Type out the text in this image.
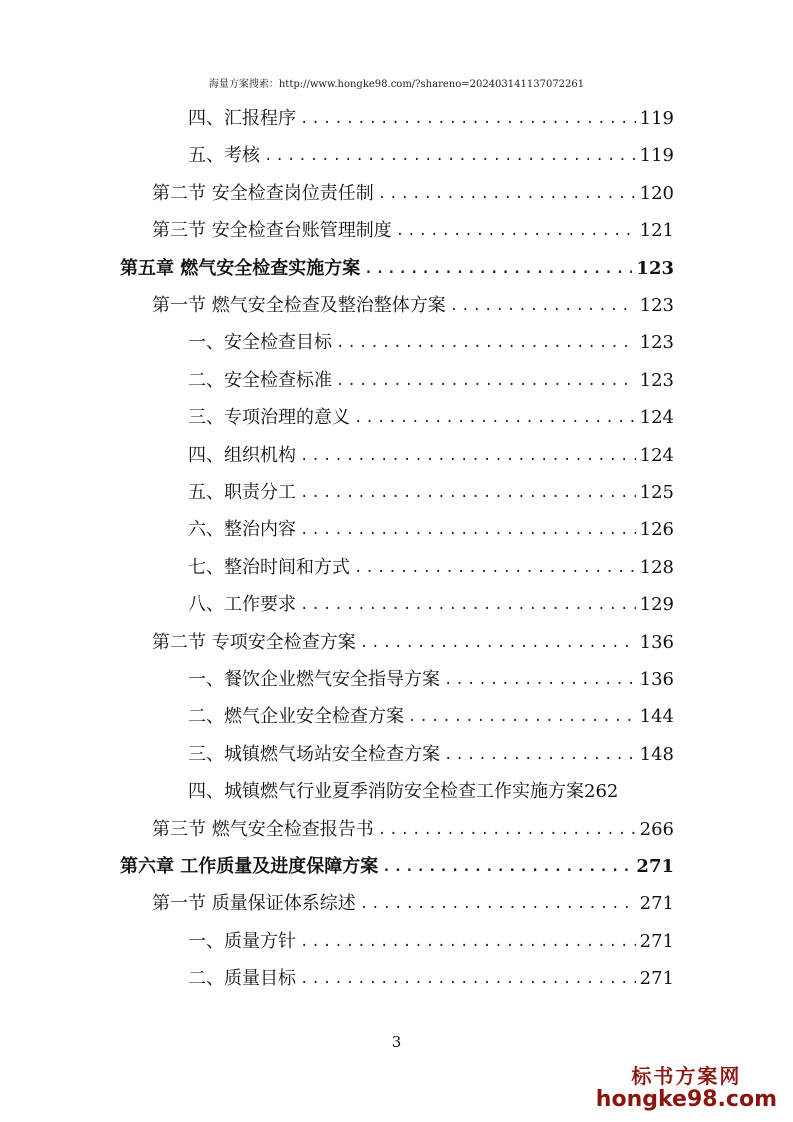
海量方案搜索：http://www.hongke98.com/?shareno=202403141137072261
四、汇报程序 .....	119
五、考核 .....	119
第二节 安全检查岗位责任制 .....	120
第三节 安全检查台账管理制度 .....	121
第五章 燃气安全检查实施方案 .....	123
第一节 燃气安全检查及整治整体方案 .....	123
一、安全检查目标 .....	123
二、安全检查标准 .....	123
三、专项治理的意义 .....	124
四、组织机构 .....	124
五、职责分工 .....	125
六、整治内容 .....	126
七、整治时间和方式 .....	128
八、工作要求 .....	129
第二节 专项安全检查方案 .....	136
一、餐饮企业燃气安全指导方案 .....	136
二、燃气企业安全检查方案 .....	144
三、城镇燃气场站安全检查方案 .....	148
四、城镇燃气行业夏季消防安全检查工作实施方案 262
第三节 燃气安全检查报告书 .....	266
第六章 工作质量及进度保障方案 .....	271
第一节 质量保证体系综述 .....	271
一、质量方针 .....	271
二、质量目标 .....	271
3
标书方案网
hongke98.com
